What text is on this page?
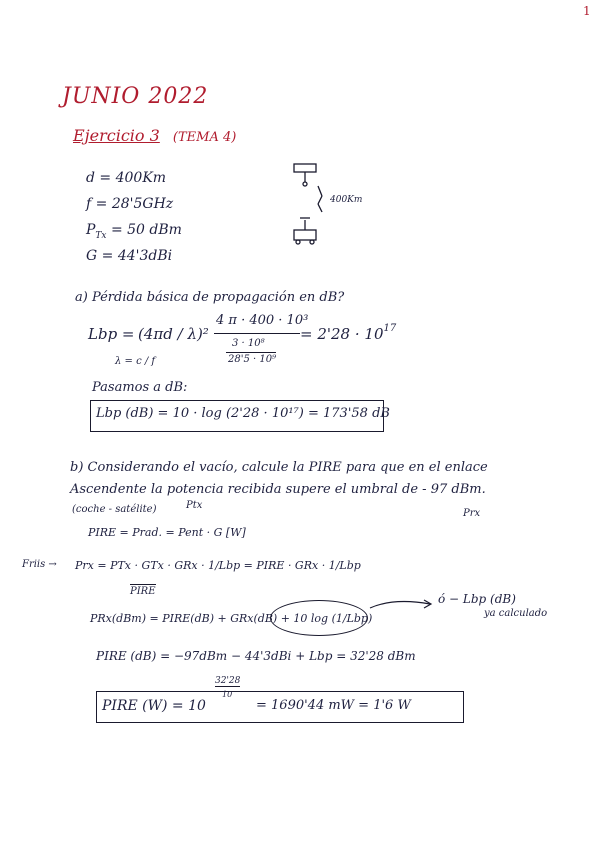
1
JUNIO 2022
Ejercicio 3 (TEMA 4)
d = 400Km
f = 28'5GHz
$P_{Tx} = 50$ dBm
G = 44'3dBi
400Km
a) Pérdida básica de propagación en dB?
Lbp = (4πd / λ)²
4 π · 400 · 10³
3 · 10⁸
28'5 · 10⁹
= $2'28 \cdot 10^{17}$
λ = c / f
Pasamos a dB:
Lbp (dB) = 10 · log (2'28 · 10¹⁷) = 173'58 dB
b) Considerando el vacío, calcule la PIRE para que en el enlace
Ascendente la potencia recibida supere el umbral de - 97 dBm.
(coche - satélite)	Ptx
Prx
PIRE = Prad. = Pent · G [W]
Friis → Prx = PTx · GTx · GRx · 1/Lbp = PIRE · GRx · 1/Lbp
PIRE
PRx(dBm) = PIRE(dB) + GRx(dB) + 10 log (1/Lbp)
ó − Lbp (dB)
ya calculado
PIRE (dB) = −97dBm − 44'3dBi + Lbp = 32'28 dBm
PIRE (W) = 10
32'28
10
= 1690'44 mW = 1'6 W
